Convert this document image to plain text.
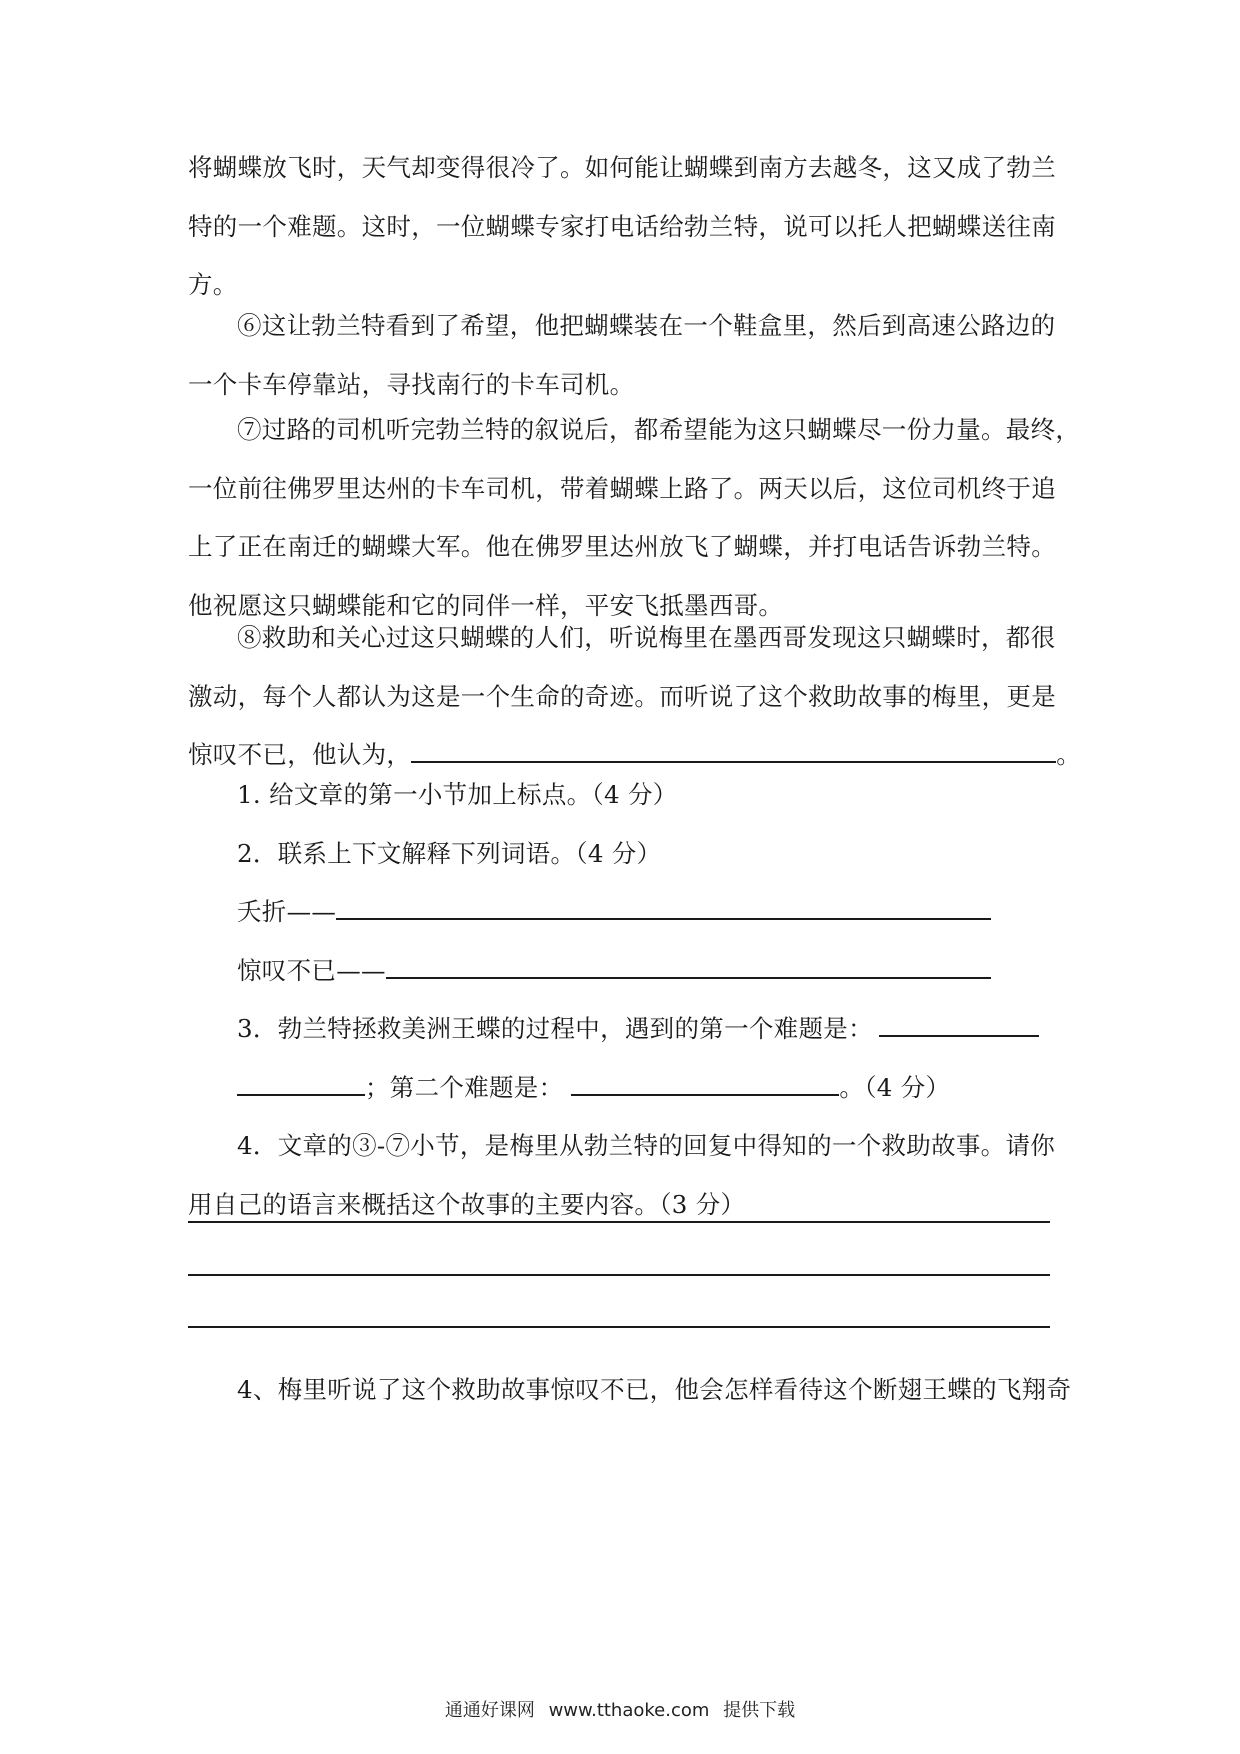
将蝴蝶放飞时，天气却变得很冷了。如何能让蝴蝶到南方去越冬，这又成了勃兰
特的一个难题。这时，一位蝴蝶专家打电话给勃兰特，说可以托人把蝴蝶送往南
方。
⑥这让勃兰特看到了希望，他把蝴蝶装在一个鞋盒里，然后到高速公路边的
一个卡车停靠站，寻找南行的卡车司机。
⑦过路的司机听完勃兰特的叙说后，都希望能为这只蝴蝶尽一份力量。最终，
一位前往佛罗里达州的卡车司机，带着蝴蝶上路了。两天以后，这位司机终于追
上了正在南迁的蝴蝶大军。他在佛罗里达州放飞了蝴蝶，并打电话告诉勃兰特。
他祝愿这只蝴蝶能和它的同伴一样，平安飞抵墨西哥。
⑧救助和关心过这只蝴蝶的人们，听说梅里在墨西哥发现这只蝴蝶时，都很
激动，每个人都认为这是一个生命的奇迹。而听说了这个救助故事的梅里，更是
惊叹不已，他认为，	。
1. 给文章的第一小节加上标点。（4 分）
2．联系上下文解释下列词语。（4 分）
夭折——
惊叹不已——
3．勃兰特拯救美洲王蝶的过程中，遇到的第一个难题是：
；第二个难题是：	。（4 分）
4．文章的③-⑦小节，是梅里从勃兰特的回复中得知的一个救助故事。请你
用自己的语言来概括这个故事的主要内容。（3 分）
4、梅里听说了这个救助故事惊叹不已，他会怎样看待这个断翅王蝶的飞翔奇
通通好课网 www.tthaoke.com 提供下载
